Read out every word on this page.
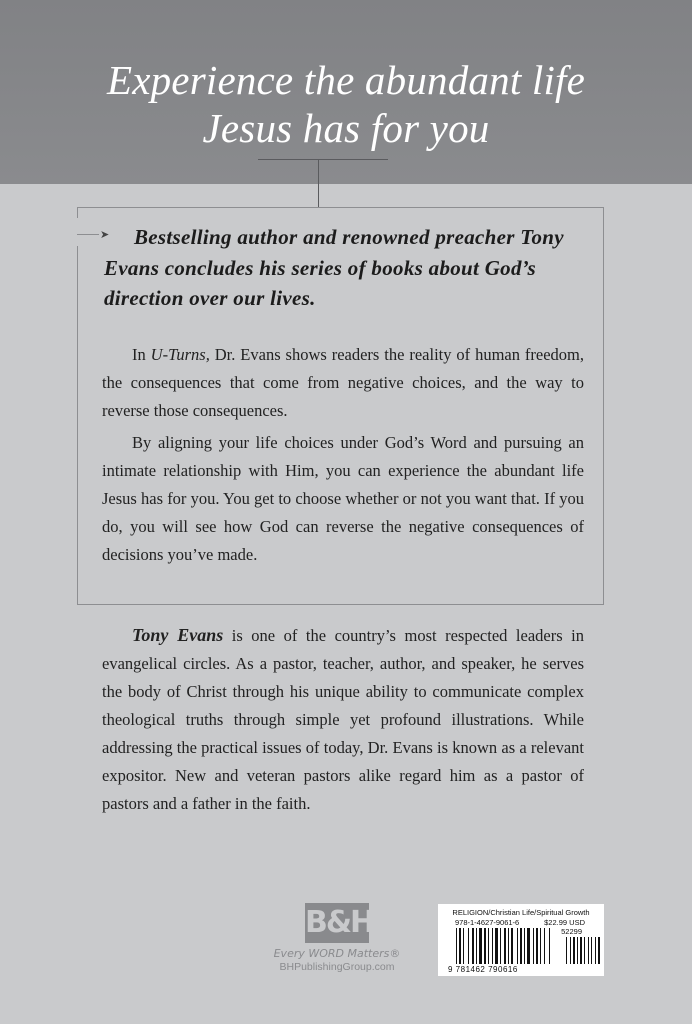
Experience the abundant life
Jesus has for you
➤	Bestselling author and renowned preacher Tony Evans concludes his series of books about God’s direction over our lives.
In U-Turns, Dr. Evans shows readers the reality of human freedom, the consequences that come from negative choices, and the way to reverse those consequences.
By aligning your life choices under God’s Word and pursuing an intimate relationship with Him, you can experience the abundant life Jesus has for you. You get to choose whether or not you want that. If you do, you will see how God can reverse the negative consequences of decisions you’ve made.
Tony Evans is one of the country’s most respected leaders in evangelical circles. As a pastor, teacher, author, and speaker, he serves the body of Christ through his unique ability to communicate complex theological truths through simple yet profound illustrations. While addressing the practical issues of today, Dr. Evans is known as a relevant expositor. New and veteran pastors alike regard him as a pastor of pastors and a father in the faith.
B&H
Every WORD Matters®
BHPublishingGroup.com
RELIGION/Christian Life/Spiritual Growth
978-1-4627-9061-6	$22.99 USD
52299
9 781462 790616
